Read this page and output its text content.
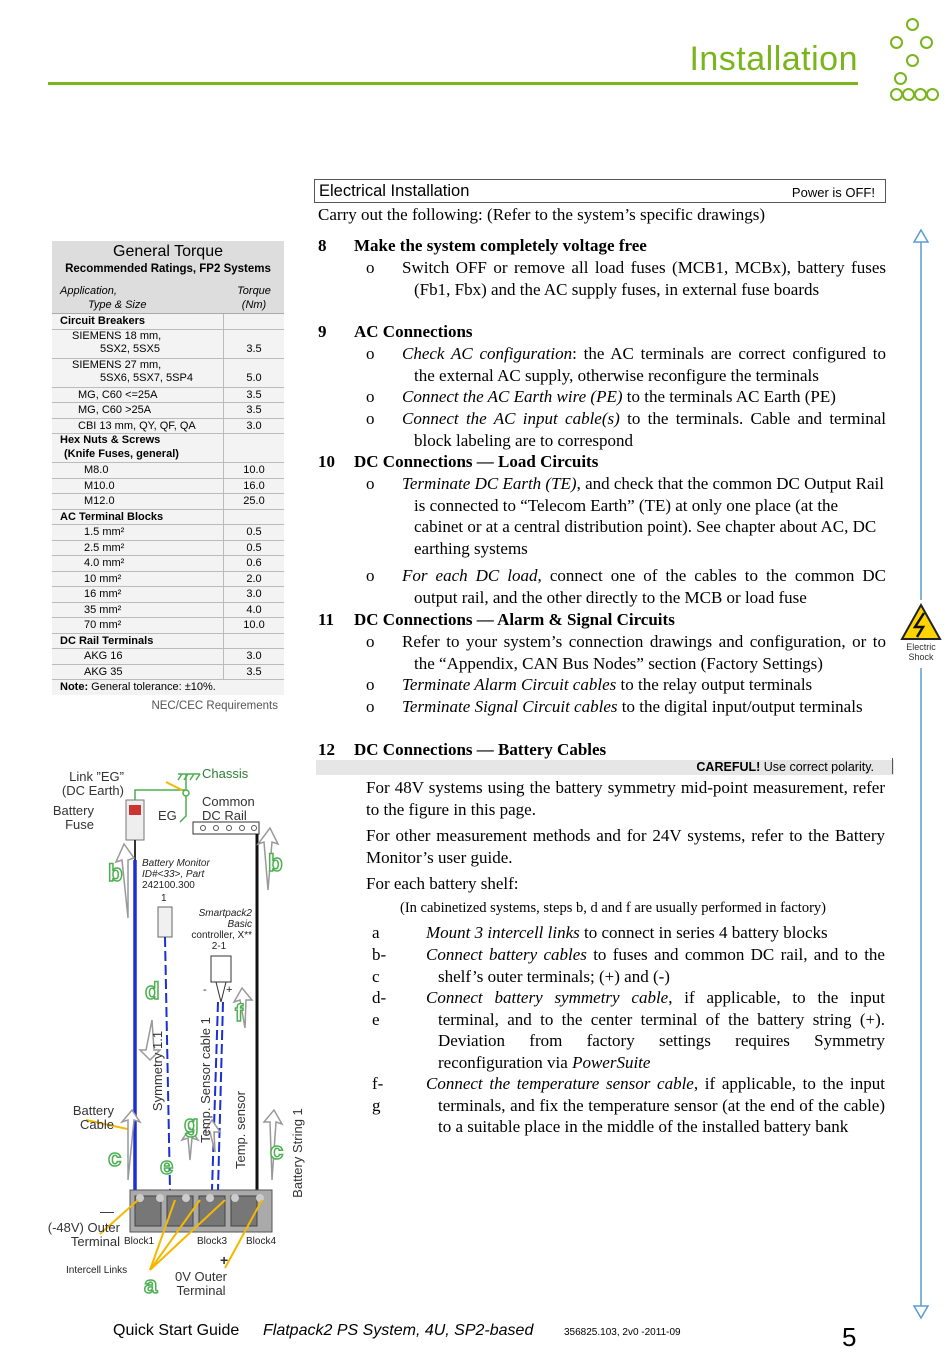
Installation
General Torque
Recommended Ratings, FP2 Systems
Application,
Type & Size
Torque
(Nm)
Circuit Breakers
SIEMENS 18 mm,
5SX2, 5SX5	3.5
SIEMENS 27 mm,
5SX6, 5SX7, 5SP4	5.0
MG, C60 <=25A	3.5
MG, C60 >25A	3.5
CBI 13 mm, QY, QF, QA	3.0
Hex Nuts & Screws
(Knife Fuses, general)
M8.0	10.0
M10.0	16.0
M12.0	25.0
AC Terminal Blocks
1.5 mm²	0.5
2.5 mm²	0.5
4.0 mm²	0.6
10 mm²	2.0
16 mm²	3.0
35 mm²	4.0
70 mm²	10.0
DC Rail Terminals
AKG 16	3.0
AKG 35	3.5
Note: General tolerance: ±10%.
NEC/CEC Requirements
Electrical Installation	Power is OFF!
Carry out the following: (Refer to the system’s specific drawings)
8 Make the system completely voltage free
o	Switch OFF or remove all load fuses (MCB1, MCBx), battery fuses (Fb1, Fbx) and the AC supply fuses, in external fuse boards
9 AC Connections
o	Check AC configuration: the AC terminals are correct configured to the external AC supply, otherwise reconfigure the terminals
o	Connect the AC Earth wire (PE) to the terminals AC Earth (PE)
o	Connect the AC input cable(s) to the terminals. Cable and terminal block labeling are to correspond
10 DC Connections — Load Circuits
o	Terminate DC Earth (TE), and check that the common DC Output Rail is connected to “Telecom Earth” (TE) at only one place (at the cabinet or at a central distribution point). See chapter about AC, DC earthing systems
o	For each DC load, connect one of the cables to the common DC output rail, and the other directly to the MCB or load fuse
11 DC Connections — Alarm & Signal Circuits
o	Refer to your system’s connection drawings and configuration, or to the “Appendix, CAN Bus Nodes” section (Factory Settings)
o	Terminate Alarm Circuit cables to the relay output terminals
o	Terminate Signal Circuit cables to the digital input/output terminals
12 DC Connections — Battery Cables
CAREFUL! Use correct polarity.
For 48V systems using the battery symmetry mid-point measurement, refer to the figure in this page.
For other measurement methods and for 24V systems, refer to the Battery Monitor’s user guide.
For each battery shelf:
(In cabinetized systems, steps b, d and f are usually performed in factory)
a	Mount 3 intercell links to connect in series 4 battery blocks
b-c
Connect battery cables to fuses and common DC rail, and to the shelf’s outer terminals; (+) and (-)
d-e
Connect battery symmetry cable, if applicable, to the input terminal, and to the center terminal of the battery string (+). Deviation from factory settings requires Symmetry reconfiguration via PowerSuite
f-g
Connect the temperature sensor cable, if applicable, to the input terminals, and fix the temperature sensor (at the end of the cable) to a suitable place in the middle of the installed battery bank
Electric
Shock
Link ”EG”
(DC Earth)
Battery
Fuse
EG
Chassis
Common
DC Rail
Battery Monitor
ID#<33>, Part
242100.300
1
Smartpack2
Basic
controller, X**
2-1
- +
Symmetry 1.1	Temp. Sensor cable 1 Temp. sensor	Battery String 1
Battery
Cable
—
(-48V) Outer
Terminal Block1	Block3 Block4
Intercell Links
+
0V Outer
Terminal
b	b
d
f
g
c	c
e
a
Quick Start Guide Flatpack2 PS System, 4U, SP2-based	356825.103, 2v0 -2011-09	5
